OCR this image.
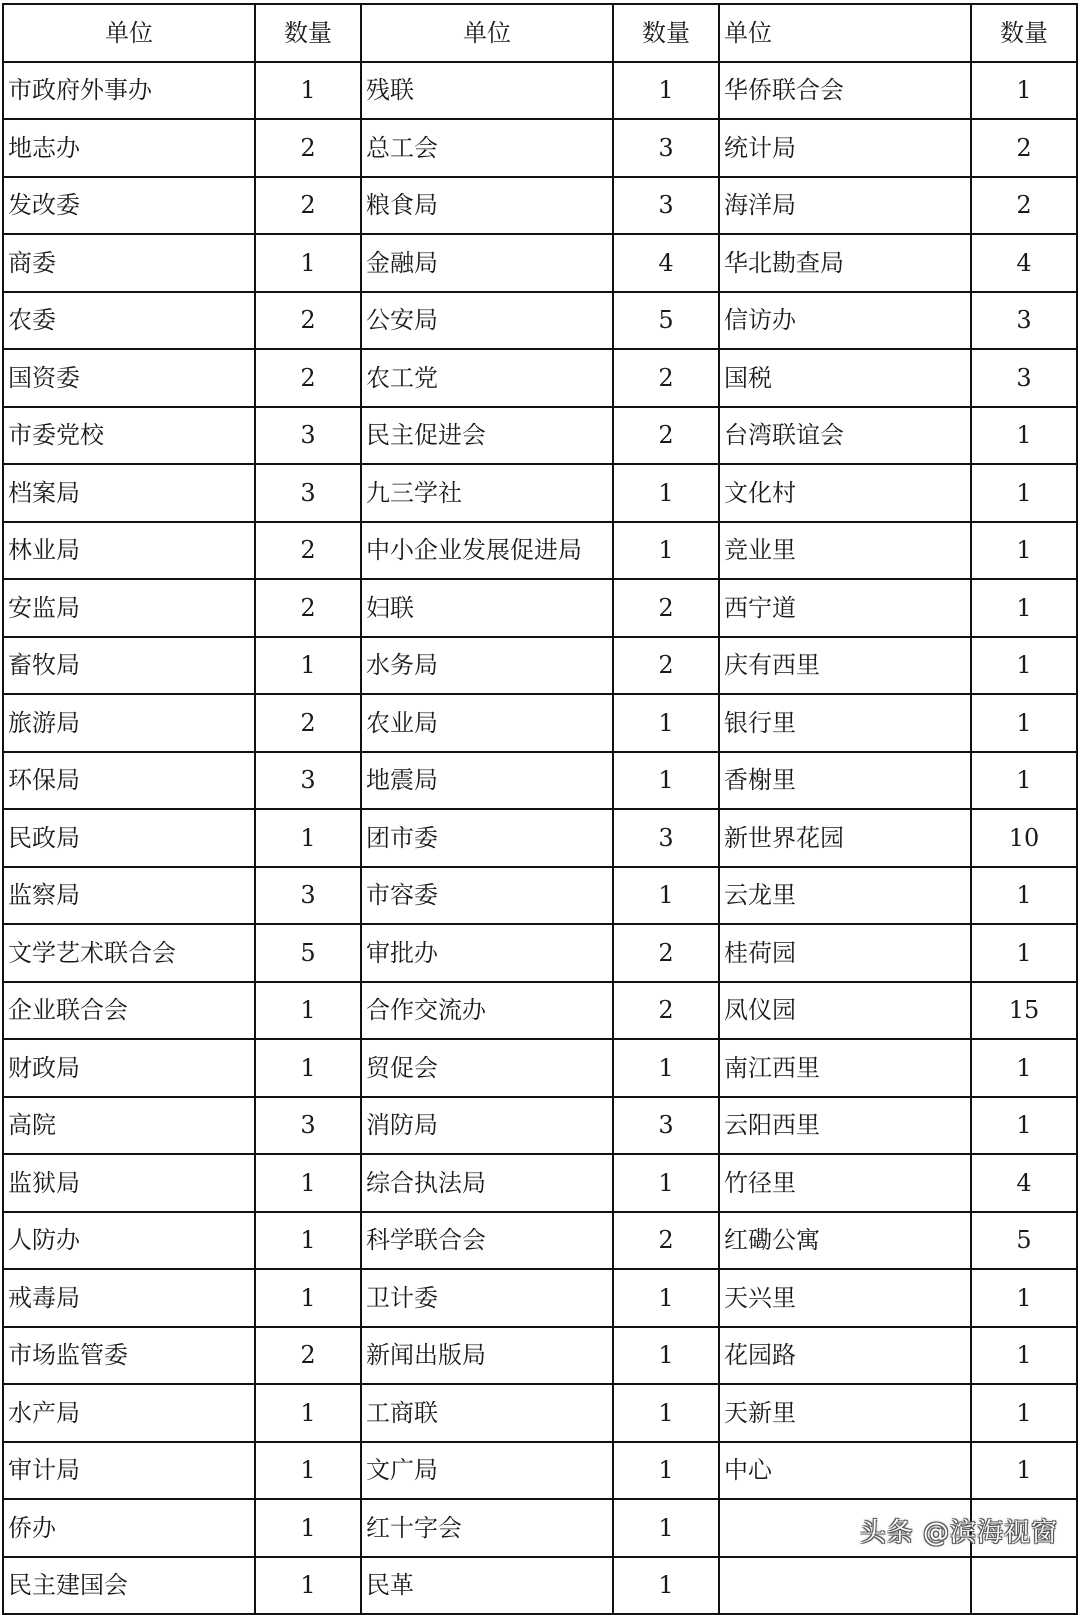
单位	数量	单位	数量	单位	数量
市政府外事办	1	残联	1	华侨联合会	1
地志办	2	总工会	3	统计局	2
发改委	2	粮食局	3	海洋局	2
商委	1	金融局	4	华北勘查局	4
农委	2	公安局	5	信访办	3
国资委	2	农工党	2	国税	3
市委党校	3	民主促进会	2	台湾联谊会	1
档案局	3	九三学社	1	文化村	1
林业局	2	中小企业发展促进局	1	竞业里	1
安监局	2	妇联	2	西宁道	1
畜牧局	1	水务局	2	庆有西里	1
旅游局	2	农业局	1	银行里	1
环保局	3	地震局	1	香榭里	1
民政局	1	团市委	3	新世界花园	10
监察局	3	市容委	1	云龙里	1
文学艺术联合会	5	审批办	2	桂荷园	1
企业联合会	1	合作交流办	2	凤仪园	15
财政局	1	贸促会	1	南江西里	1
高院	3	消防局	3	云阳西里	1
监狱局	1	综合执法局	1	竹径里	4
人防办	1	科学联合会	2	红磡公寓	5
戒毒局	1	卫计委	1	天兴里	1
市场监管委	2	新闻出版局	1	花园路	1
水产局	1	工商联	1	天新里	1
审计局	1	文广局	1	中心	1
侨办	1	红十字会	1		
民主建国会	1	民革	1		
头条 @滨海视窗
